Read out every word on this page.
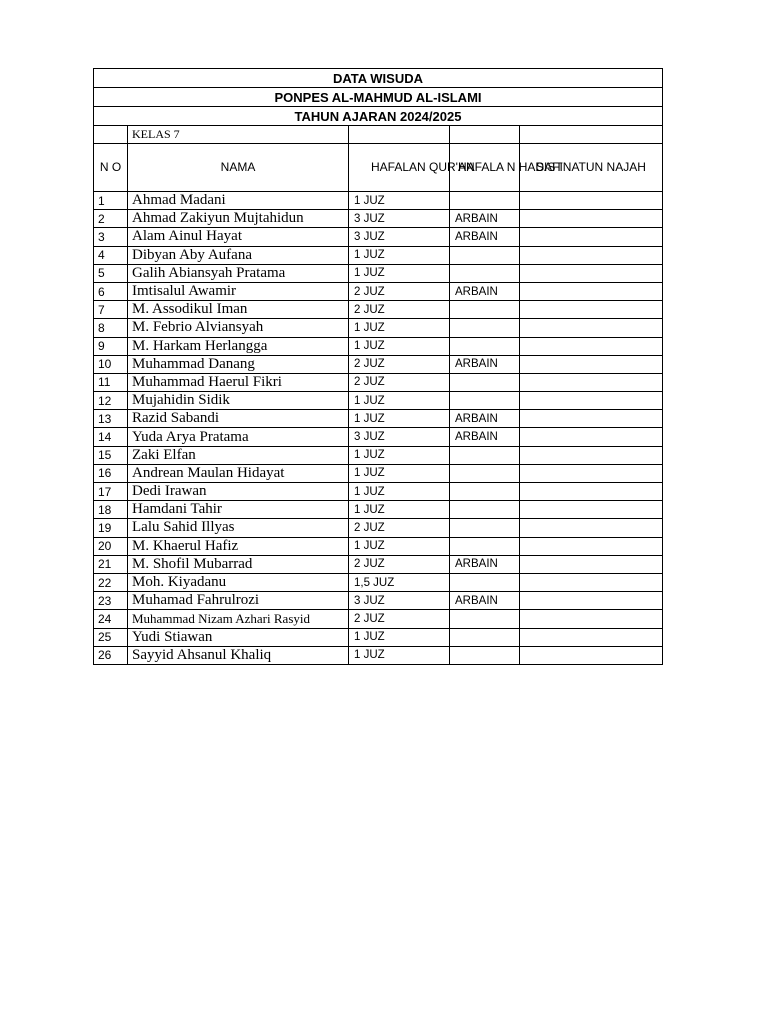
DATA WISUDA				
PONPES AL-MAHMUD AL-ISLAMI				
TAHUN AJARAN 2024/2025				
	KELAS 7			
N O	NAMA	HAFALAN QUR'AN	HAFALA N HADIST	SAFINATUN NAJAH
1	Ahmad Madani	1 JUZ		
2	Ahmad Zakiyun Mujtahidun	3 JUZ	ARBAIN	
3	Alam Ainul Hayat	3 JUZ	ARBAIN	
4	Dibyan Aby Aufana	1 JUZ		
5	Galih Abiansyah Pratama	1 JUZ		
6	Imtisalul Awamir	2 JUZ	ARBAIN	
7	M. Assodikul Iman	2 JUZ		
8	M. Febrio Alviansyah	1 JUZ		
9	M. Harkam Herlangga	1 JUZ		
10	Muhammad Danang	2 JUZ	ARBAIN	
11	Muhammad Haerul Fikri	2 JUZ		
12	Mujahidin Sidik	1 JUZ		
13	Razid Sabandi	1 JUZ	ARBAIN	
14	Yuda Arya Pratama	3 JUZ	ARBAIN	
15	Zaki Elfan	1 JUZ		
16	Andrean Maulan Hidayat	1 JUZ		
17	Dedi Irawan	1 JUZ		
18	Hamdani Tahir	1 JUZ		
19	Lalu Sahid Illyas	2 JUZ		
20	M. Khaerul Hafiz	1 JUZ		
21	M. Shofil Mubarrad	2 JUZ	ARBAIN	
22	Moh. Kiyadanu	1,5 JUZ		
23	Muhamad Fahrulrozi	3 JUZ	ARBAIN	
24	Muhammad Nizam Azhari Rasyid	2 JUZ		
25	Yudi Stiawan	1 JUZ		
26	Sayyid Ahsanul Khaliq	1 JUZ		
